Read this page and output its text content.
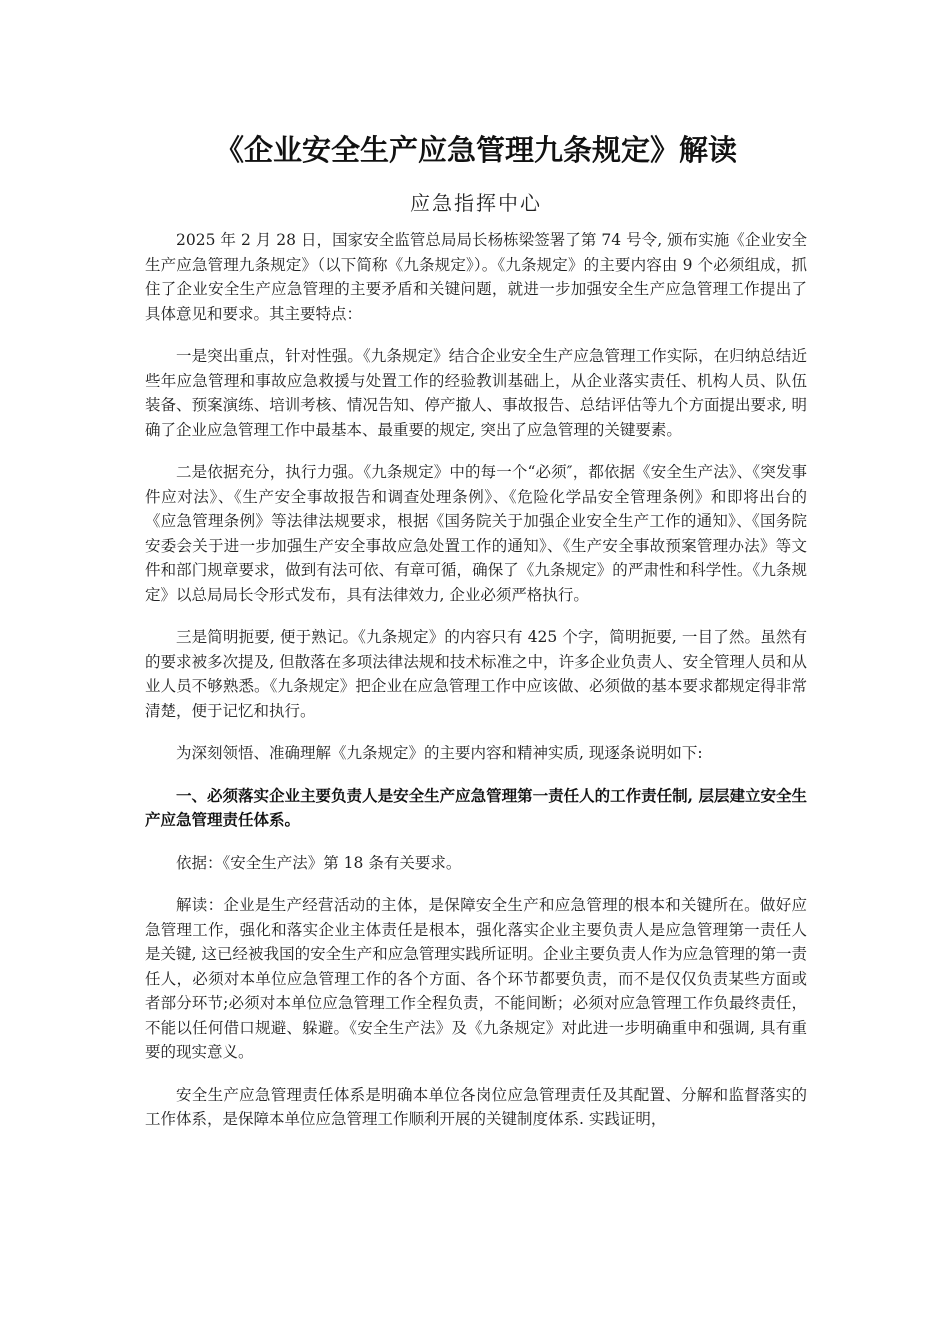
《企业安全生产应急管理九条规定》解读
应急指挥中心

2025 年 2 月 28 日，国家安全监管总局局长杨栋梁签署了第 74 号令, 颁布实施《企业安全生产应急管理九条规定》（以下简称《九条规定》）。《九条规定》的主要内容由 9 个必须组成，抓住了企业安全生产应急管理的主要矛盾和关键问题，就进一步加强安全生产应急管理工作提出了具体意见和要求。其主要特点：

一是突出重点，针对性强。《九条规定》结合企业安全生产应急管理工作实际，在归纳总结近些年应急管理和事故应急救援与处置工作的经验教训基础上，从企业落实责任、机构人员、队伍装备、预案演练、培训考核、情况告知、停产撤人、事故报告、总结评估等九个方面提出要求, 明确了企业应急管理工作中最基本、最重要的规定, 突出了应急管理的关键要素。

二是依据充分，执行力强。《九条规定》中的每一个“必须″，都依据《安全生产法》、《突发事件应对法》、《生产安全事故报告和调查处理条例》、《危险化学品安全管理条例》和即将出台的《应急管理条例》等法律法规要求，根据《国务院关于加强企业安全生产工作的通知》、《国务院安委会关于进一步加强生产安全事故应急处置工作的通知》、《生产安全事故预案管理办法》等文件和部门规章要求，做到有法可依、有章可循，确保了《九条规定》的严肃性和科学性。《九条规定》以总局局长令形式发布，具有法律效力, 企业必须严格执行。

三是简明扼要, 便于熟记。《九条规定》的内容只有 425 个字，简明扼要, 一目了然。虽然有的要求被多次提及, 但散落在多项法律法规和技术标准之中，许多企业负责人、安全管理人员和从业人员不够熟悉。《九条规定》把企业在应急管理工作中应该做、必须做的基本要求都规定得非常清楚，便于记忆和执行。

为深刻领悟、准确理解《九条规定》的主要内容和精神实质, 现逐条说明如下:

一、必须落实企业主要负责人是安全生产应急管理第一责任人的工作责任制, 层层建立安全生产应急管理责任体系。

依据：《安全生产法》第 18 条有关要求。

解读：企业是生产经营活动的主体，是保障安全生产和应急管理的根本和关键所在。做好应急管理工作，强化和落实企业主体责任是根本，强化落实企业主要负责人是应急管理第一责任人是关键, 这已经被我国的安全生产和应急管理实践所证明。企业主要负责人作为应急管理的第一责任人，必须对本单位应急管理工作的各个方面、各个环节都要负责，而不是仅仅负责某些方面或者部分环节;必须对本单位应急管理工作全程负责，不能间断；必须对应急管理工作负最终责任，不能以任何借口规避、躲避。《安全生产法》及《九条规定》对此进一步明确重申和强调, 具有重要的现实意义。

安全生产应急管理责任体系是明确本单位各岗位应急管理责任及其配置、分解和监督落实的工作体系，是保障本单位应急管理工作顺利开展的关键制度体系. 实践证明，
